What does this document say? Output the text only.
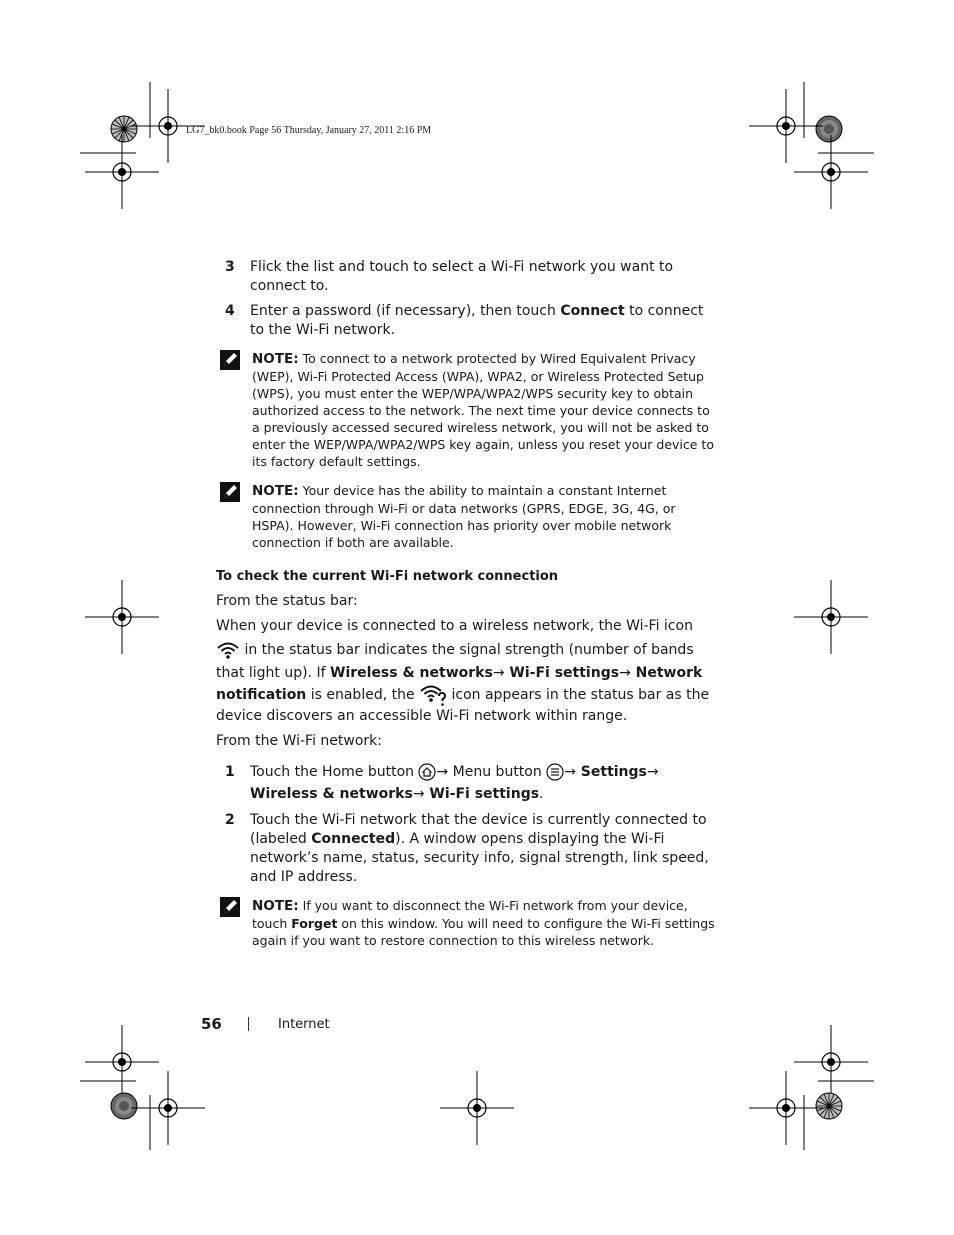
LG7_bk0.book Page 56 Thursday, January 27, 2011 2:16 PM
3 Flick the list and touch to select a Wi-Fi network you want to connect to.
4 Enter a password (if necessary), then touch Connect to connect to the Wi-Fi network.
NOTE: To connect to a network protected by Wired Equivalent Privacy (WEP), Wi-Fi Protected Access (WPA), WPA2, or Wireless Protected Setup (WPS), you must enter the WEP/WPA/WPA2/WPS security key to obtain authorized access to the network. The next time your device connects to a previously accessed secured wireless network, you will not be asked to enter the WEP/WPA/WPA2/WPS key again, unless you reset your device to its factory default settings.
NOTE: Your device has the ability to maintain a constant Internet connection through Wi-Fi or data networks (GPRS, EDGE, 3G, 4G, or HSPA). However, Wi-Fi connection has priority over mobile network connection if both are available.
To check the current Wi-Fi network connection
From the status bar:
When your device is connected to a wireless network, the Wi-Fi icon
in the status bar indicates the signal strength (number of bands that light up). If Wireless & networks→ Wi-Fi settings→ Network notification is enabled, the  icon appears in the status bar as the device discovers an accessible Wi-Fi network within range.
From the Wi-Fi network:
1 Touch the Home button → Menu button → Settings→
Wireless & networks→ Wi-Fi settings.
2 Touch the Wi-Fi network that the device is currently connected to (labeled Connected). A window opens displaying the Wi-Fi network’s name, status, security info, signal strength, link speed, and IP address.
NOTE: If you want to disconnect the Wi-Fi network from your device, touch Forget on this window. You will need to configure the Wi-Fi settings again if you want to restore connection to this wireless network.
56	Internet
